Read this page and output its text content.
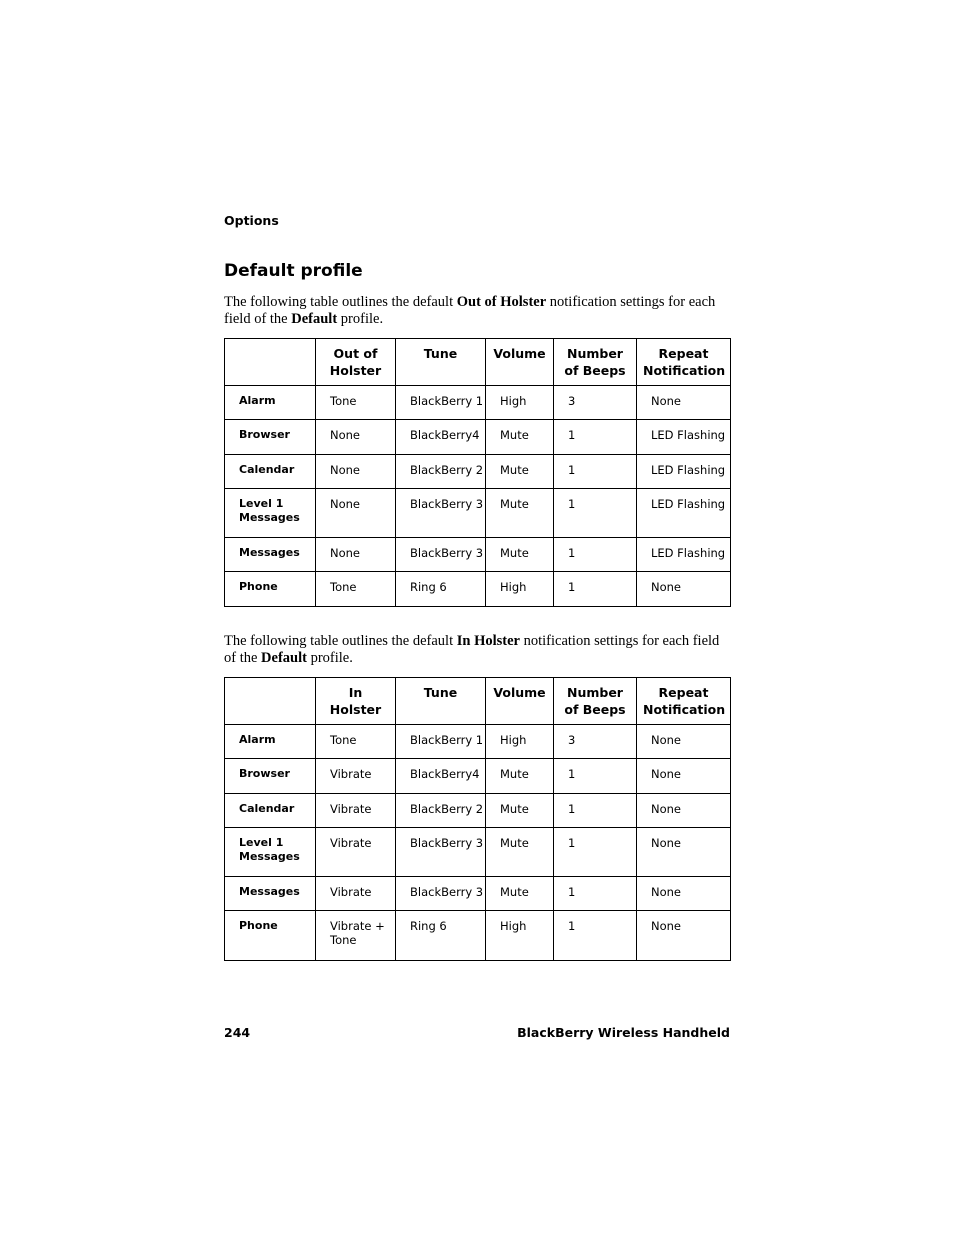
Options
Default profile

The following table outlines the default Out of Holster notification settings for each field of the Default profile.

	Out of Holster	Tune	Volume	Number of Beeps	Repeat Notification
Alarm	Tone	BlackBerry 1	High	3	None
Browser	None	BlackBerry4	Mute	1	LED Flashing
Calendar	None	BlackBerry 2	Mute	1	LED Flashing
Level 1 Messages	None	BlackBerry 3	Mute	1	LED Flashing
Messages	None	BlackBerry 3	Mute	1	LED Flashing
Phone	Tone	Ring 6	High	1	None

The following table outlines the default In Holster notification settings for each field of the Default profile.

	In Holster	Tune	Volume	Number of Beeps	Repeat Notification
Alarm	Tone	BlackBerry 1	High	3	None
Browser	Vibrate	BlackBerry4	Mute	1	None
Calendar	Vibrate	BlackBerry 2	Mute	1	None
Level 1 Messages	Vibrate	BlackBerry 3	Mute	1	None
Messages	Vibrate	BlackBerry 3	Mute	1	None
Phone	Vibrate + Tone	Ring 6	High	1	None
244	BlackBerry Wireless Handheld
